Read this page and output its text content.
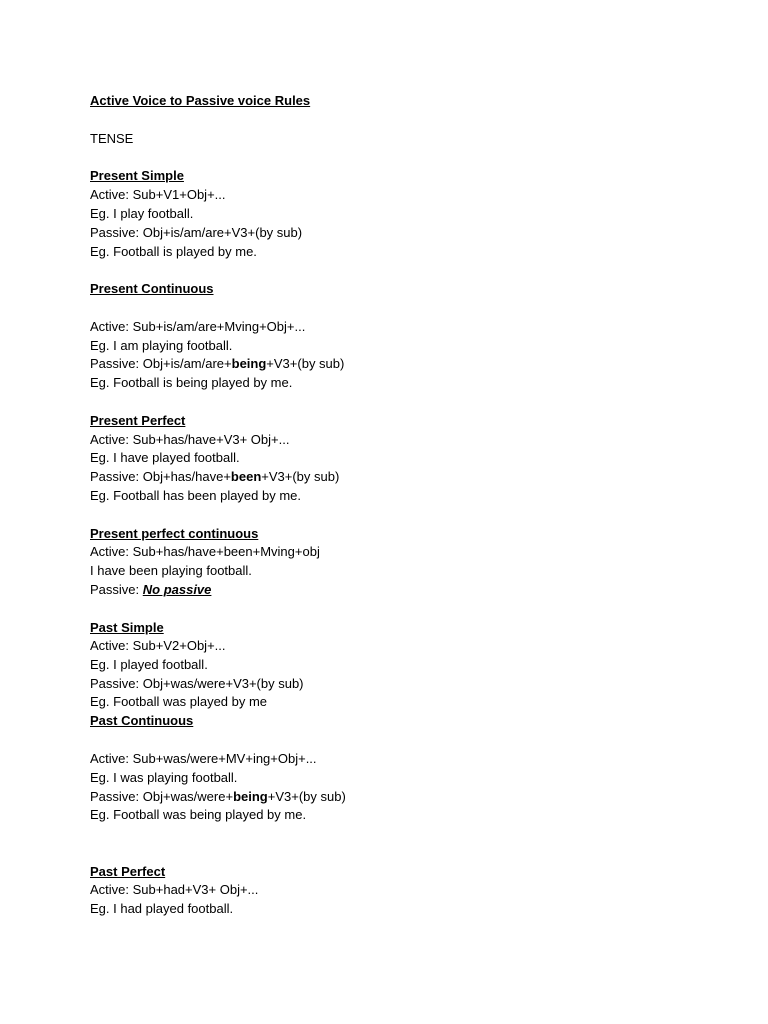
Active Voice to Passive voice Rules
TENSE
Present Simple
Active: Sub+V1+Obj+...
Eg. I play football.
Passive: Obj+is/am/are+V3+(by sub)
Eg. Football is played by me.
Present Continuous
Active: Sub+is/am/are+Mving+Obj+...
Eg. I am playing football.
Passive: Obj+is/am/are+being+V3+(by sub)
Eg. Football is being played by me.
Present Perfect
Active: Sub+has/have+V3+ Obj+...
Eg. I have played football.
Passive: Obj+has/have+been+V3+(by sub)
Eg. Football has been played by me.
Present perfect continuous
Active: Sub+has/have+been+Mving+obj
I have been playing football.
Passive: No passive
Past Simple
Active: Sub+V2+Obj+...
Eg. I played football.
Passive: Obj+was/were+V3+(by sub)
Eg. Football was played by me
Past Continuous
Active: Sub+was/were+MV+ing+Obj+...
Eg. I was playing football.
Passive: Obj+was/were+being+V3+(by sub)
Eg. Football was being played by me.
Past Perfect
Active: Sub+had+V3+ Obj+...
Eg. I had played football.
